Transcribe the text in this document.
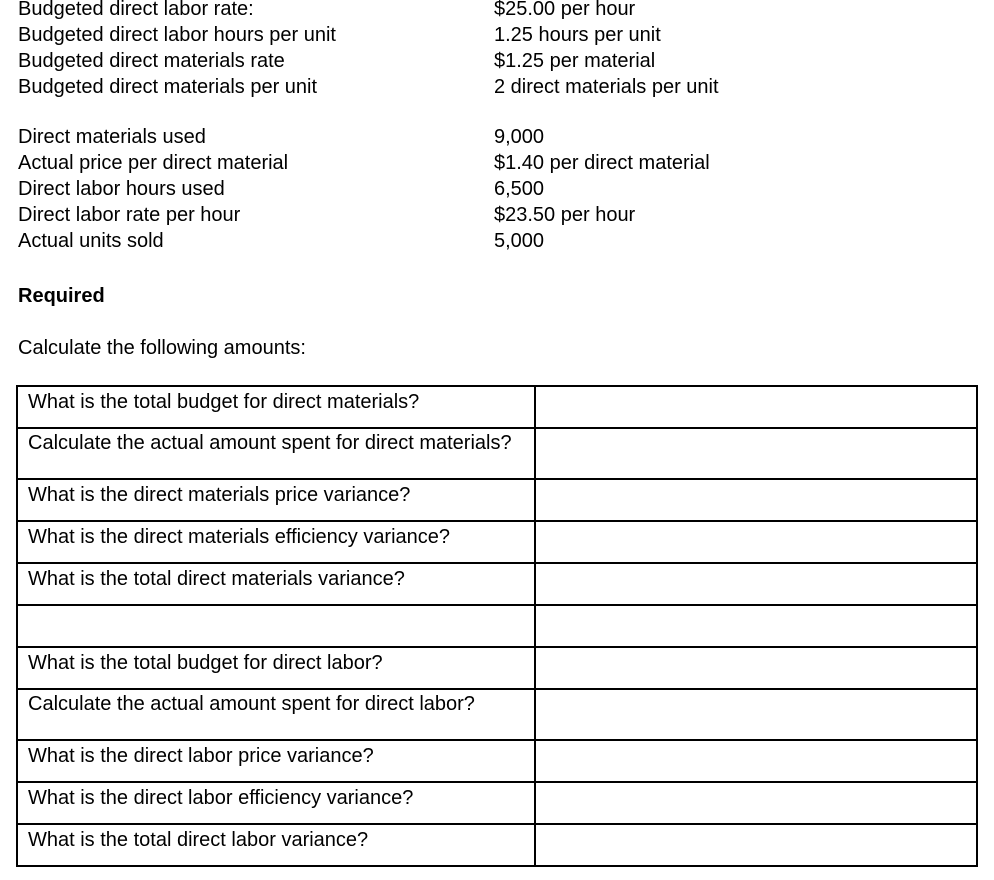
Budgeted direct labor rate:	$25.00 per hour
Budgeted direct labor hours per unit	1.25 hours per unit
Budgeted direct materials rate	$1.25 per material
Budgeted direct materials per unit	2 direct materials per unit
Direct materials used	9,000
Actual price per direct material	$1.40 per direct material
Direct labor hours used	6,500
Direct labor rate per hour	$23.50 per hour
Actual units sold	5,000
Required
Calculate the following amounts:
What is the total budget for direct materials?	
Calculate the actual amount spent for direct materials?	
What is the direct materials price variance?	
What is the direct materials efficiency variance?	
What is the total direct materials variance?	

What is the total budget for direct labor?	
Calculate the actual amount spent for direct labor?	
What is the direct labor price variance?	
What is the direct labor efficiency variance?	
What is the total direct labor variance?	
